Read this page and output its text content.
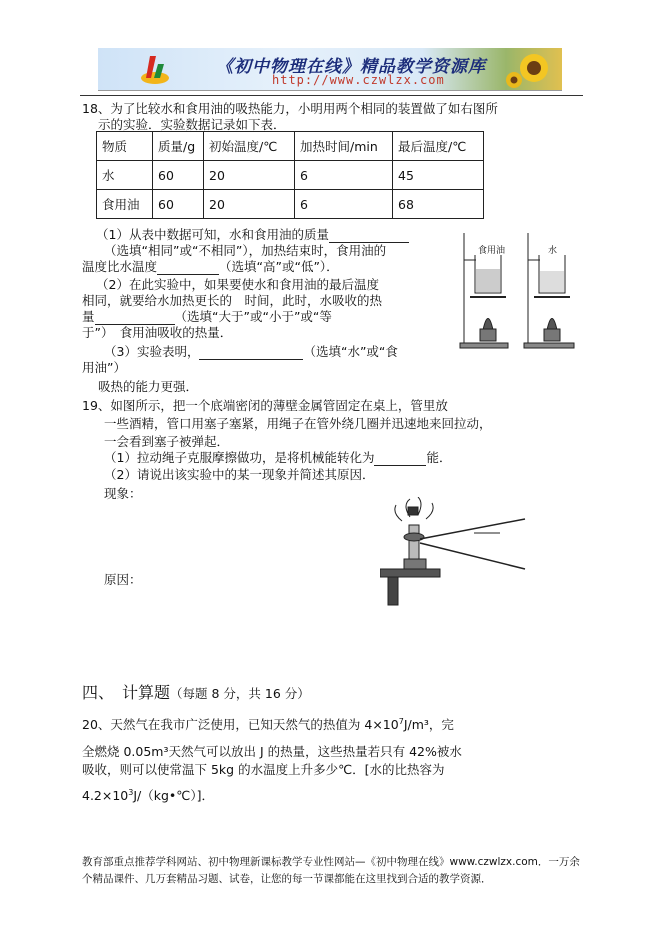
《初中物理在线》精品教学资源库
http://www.czwlzx.com
18、为了比较水和食用油的吸热能力，小明用两个相同的装置做了如右图所
示的实验．实验数据记录如下表．
物质	质量/g	初始温度/℃	加热时间/min	最后温度/℃
水	60	20	6	45
食用油	60	20	6	68
（1）从表中数据可知，水和食用油的质量
（选填“相同”或“不相同”），加热结束时，食用油的
温度比水温度	（选填“高”或“低”）．
（2）在此实验中，如果要使水和食用油的最后温度
相同，就要给水加热更长的　时间，此时，水吸收的热
量	（选填“大于”或“小于”或“等
于”）　食用油吸收的热量．
（3）实验表明，	（选填“水”或“食
用油”）
吸热的能力更强．
食用油	水
19、如图所示，把一个底端密闭的薄壁金属管固定在桌上，管里放
一些酒精，管口用塞子塞紧，用绳子在管外绕几圈并迅速地来回拉动，
一会看到塞子被弹起．
（1）拉动绳子克服摩擦做功，是将机械能转化为	能．
（2）请说出该实验中的某一现象并简述其原因．
现象：
原因：
四、　计算题（每题 8 分，共 16 分）
20、天然气在我市广泛使用，已知天然气的热值为 $4\times 10^7J/m^3$，完
全燃烧 0.05m³天然气可以放出 J 的热量，这些热量若只有 42%被水
吸收，则可以使常温下 5kg 的水温度上升多少℃．[水的比热容为
$4.2\times 10^3J/(kg•℃)$]．
教育部重点推荐学科网站、初中物理新课标教学专业性网站—《初中物理在线》www.czwlzx.com．一万余个精品课件、几万套精品习题、试卷，让您的每一节课都能在这里找到合适的教学资源．
